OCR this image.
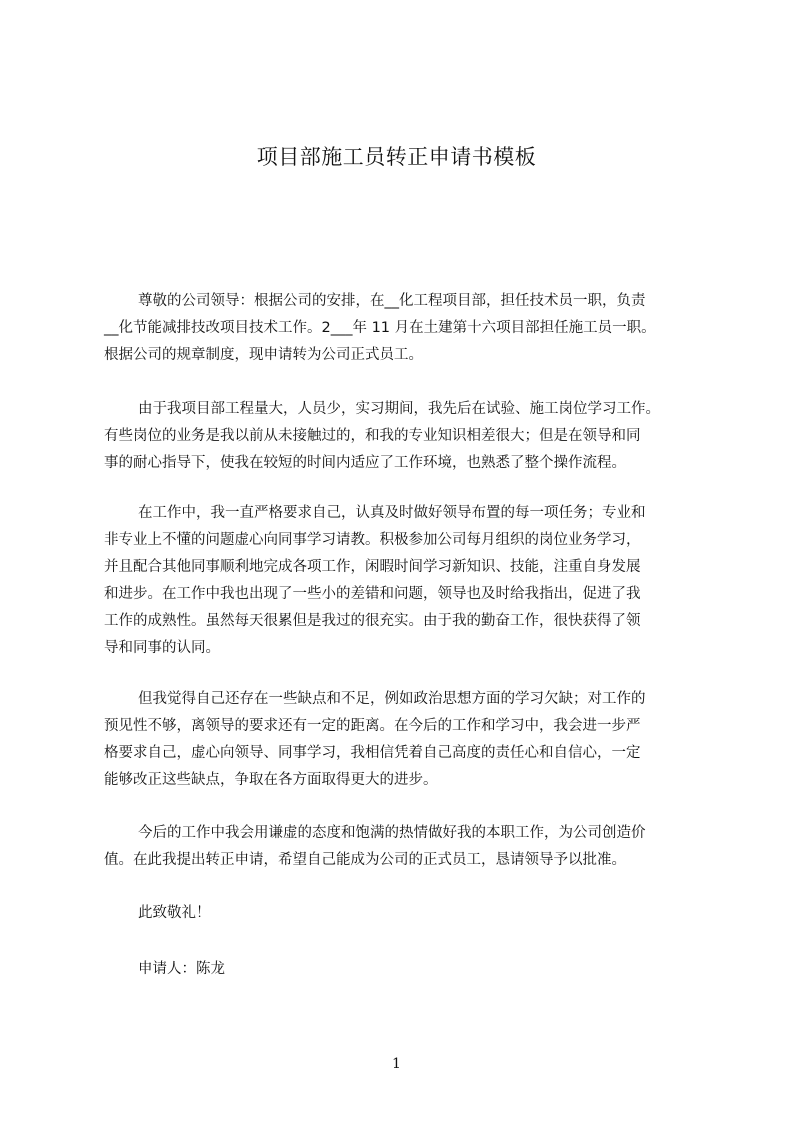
项目部施工员转正申请书模板
尊敬的公司领导：根据公司的安排，在__化工程项目部，担任技术员一职，负责
__化节能减排技改项目技术工作。2___年 11 月在土建第十六项目部担任施工员一职。
根据公司的规章制度，现申请转为公司正式员工。
由于我项目部工程量大，人员少，实习期间，我先后在试验、施工岗位学习工作。
有些岗位的业务是我以前从未接触过的，和我的专业知识相差很大；但是在领导和同
事的耐心指导下，使我在较短的时间内适应了工作环境，也熟悉了整个操作流程。
在工作中，我一直严格要求自己，认真及时做好领导布置的每一项任务；专业和
非专业上不懂的问题虚心向同事学习请教。积极参加公司每月组织的岗位业务学习，
并且配合其他同事顺利地完成各项工作，闲暇时间学习新知识、技能，注重自身发展
和进步。在工作中我也出现了一些小的差错和问题，领导也及时给我指出，促进了我
工作的成熟性。虽然每天很累但是我过的很充实。由于我的勤奋工作，很快获得了领
导和同事的认同。
但我觉得自己还存在一些缺点和不足，例如政治思想方面的学习欠缺；对工作的
预见性不够，离领导的要求还有一定的距离。在今后的工作和学习中，我会进一步严
格要求自己，虚心向领导、同事学习，我相信凭着自己高度的责任心和自信心，一定
能够改正这些缺点，争取在各方面取得更大的进步。
今后的工作中我会用谦虚的态度和饱满的热情做好我的本职工作，为公司创造价
值。在此我提出转正申请，希望自己能成为公司的正式员工，恳请领导予以批准。
此致敬礼！
申请人：陈龙
1
